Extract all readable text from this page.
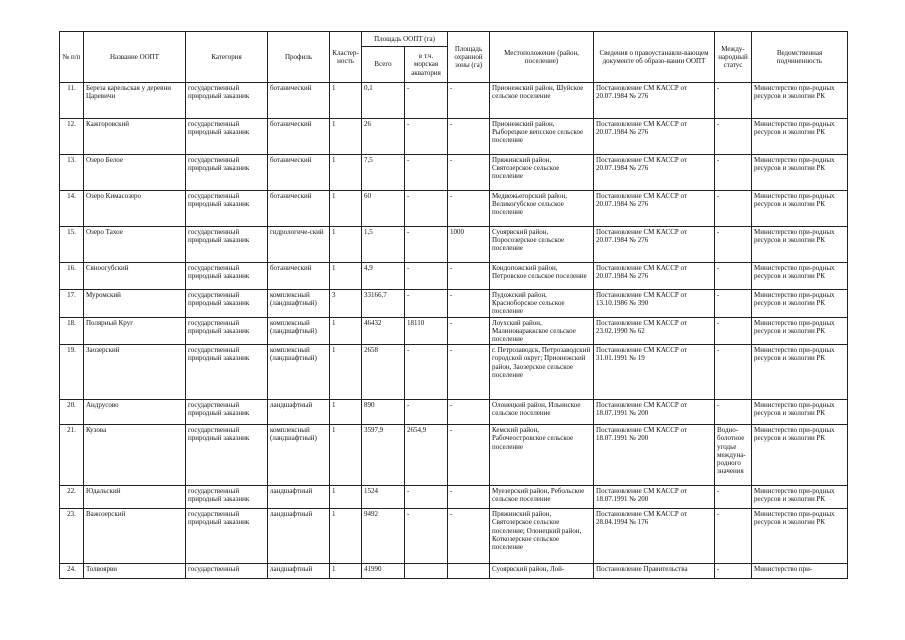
№ п/п	Название ООПТ	Категория	Профиль	Кластер-ность	Площадь ООПТ (га)		Площадь охранной зоны (га)	Местоположение (район, поселение)	Сведения о правоустанавли-вающем документе об образо-вании ООПТ	Между-народный статус	Ведомственная подчиненность
					Всего	в т.ч. морская акватория					
11.	Береза карельская у деревни Царевичи	государственный природный заказник	ботанический	1	0,1	-	-	Прионежский район, Шуйское сельское поселение	Постановление СМ КАССР от 20.07.1984 № 276	-	Министерство при-родных ресурсов и экологии РК
12.	Кажгоровский	государственный природный заказник	ботанический	1	26	-	-	Прионежский район, Рыборецкое вепсское сельское поселение	Постановление СМ КАССР от 20.07.1984 № 276	-	Министерство при-родных ресурсов и экологии РК
13.	Озеро Белое	государственный природный заказник	ботанический	1	7,5	-	-	Пряжинский район, Святозерское сельское поселение	Постановление СМ КАССР от 20.07.1984 № 276	-	Министерство при-родных ресурсов и экологии РК
14.	Озеро Кимасозеро	государственный природный заказник	ботанический	1	60	-	-	Медвежьегорский район, Великогубское сельское поселение	Постановление СМ КАССР от 20.07.1984 № 276	-	Министерство при-родных ресурсов и экологии РК
15.	Озеро Тахое	государственный природный заказник	гидрологиче-ский	1	1,5	-	1000	Суоярвский район, Поросозерское сельское поселение	Постановление СМ КАССР от 20.07.1984 № 276	-	Министерство при-родных ресурсов и экологии РК
16.	Сяноогубский	государственный природный заказник	ботанический	1	4,9	-	-	Кондопожский район, Петровское сельское поселение	Постановление СМ КАССР от 20.07.1984 № 276	-	Министерство при-родных ресурсов и экологии РК
17.	Муромский	государственный природный заказник	комплексный (ландшафтный)	3	33166,7	-	-	Пудожский район, Красноборское сельское поселение	Постановление СМ КАССР от 13.10.1986 № 390	-	Министерство при-родных ресурсов и экологии РК
18.	Полярный Круг	государственный природный заказник	комплексный (ландшафтный)	1	46432	18110	-	Лоухский район, Малиновараккское сельское поселение	Постановление СМ КАССР от 23.02.1990 № 62	-	Министерство при-родных ресурсов и экологии РК
19.	Заозерский	государственный природный заказник	комплексный (ландшафтный)	1	2658	-	-	г. Петрозаводск, Петрозаводский городской округ; Прионежский район, Заозерское сельское поселение	Постановление СМ КАССР от 31.01.1991 № 19	-	Министерство при-родных ресурсов и экологии РК
20.	Андрусово	государственный природный заказник	ландшафтный	1	890	-	-	Олонецкий район, Ильинское сельское поселение	Постановление СМ КАССР от 18.07.1991 № 200	-	Министерство при-родных ресурсов и экологии РК
21.	Кузова	государственный природный заказник	комплексный (ландшафтный)	1	3597,9	2654,9	-	Кемский район, Рабочеостровское сельское поселение	Постановление СМ КАССР от 18.07.1991 № 200	Водно-болотное угодье междуна-родного значения	Министерство при-родных ресурсов и экологии РК
22.	Юдальский	государственный природный заказник	ландшафтный	1	1524	-	-	Муезерский район, Ребольское сельское поселение	Постановление СМ КАССР от 18.07.1991 № 200	-	Министерство при-родных ресурсов и экологии РК
23.	Важозерский	государственный природный заказник	ландшафтный	1	9492	-	-	Пряжинский район, Святозерское сельское поселение; Олонецкий район, Коткозерское сельское поселение	Постановление СМ КАССР от 28.04.1994 № 176	-	Министерство при-родных ресурсов и экологии РК
24.	Толвоярви	государственный	ландшафтный	1	41990			Суоярвский район, Лой-	Постановление Правительства	-	Министерство при-
